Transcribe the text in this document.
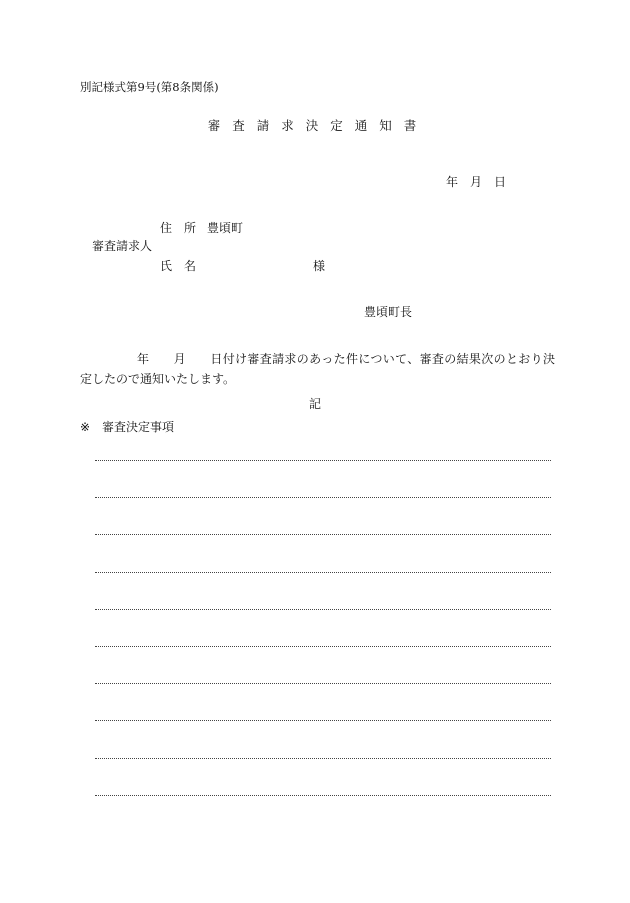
別記様式第9号(第8条関係)
審査請求決定通知書
年　月　日
住　所 豊頃町
審査請求人
氏　名	様
豊頃町長
年 月 日付け審査請求のあった件について、審査の結果次のとおり決定したので通知いたします。
記
※ 審査決定事項
